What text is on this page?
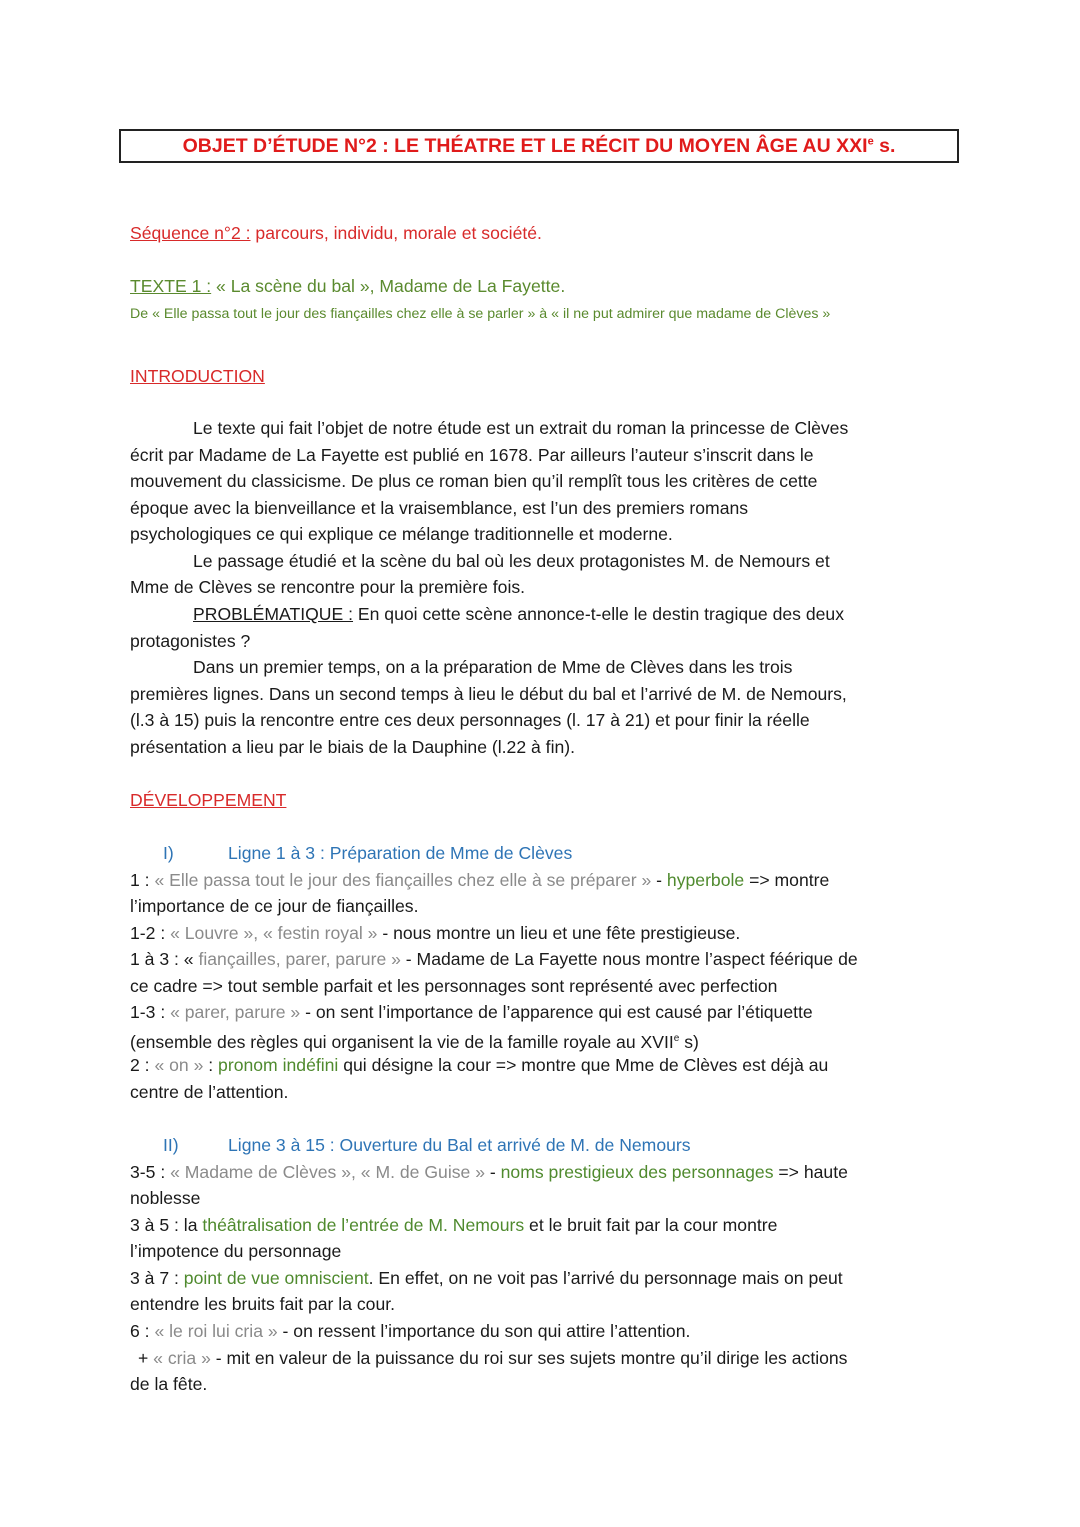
OBJET D’ÉTUDE N°2 : LE THÉATRE ET LE RÉCIT DU MOYEN ÂGE AU XXIe s.
Séquence n°2 : parcours, individu, morale et société.
TEXTE 1 : « La scène du bal », Madame de La Fayette.
De « Elle passa tout le jour des fiançailles chez elle à se parler » à « il ne put admirer que madame de Clèves »
INTRODUCTION
Le texte qui fait l’objet de notre étude est un extrait du roman la princesse de Clèves
écrit par Madame de La Fayette est publié en 1678. Par ailleurs l’auteur s’inscrit dans le
mouvement du classicisme. De plus ce roman bien qu’il remplît tous les critères de cette
époque avec la bienveillance et la vraisemblance, est l’un des premiers romans
psychologiques ce qui explique ce mélange traditionnelle et moderne.
Le passage étudié et la scène du bal où les deux protagonistes M. de Nemours et
Mme de Clèves se rencontre pour la première fois.
PROBLÉMATIQUE : En quoi cette scène annonce-t-elle le destin tragique des deux
protagonistes ?
Dans un premier temps, on a la préparation de Mme de Clèves dans les trois
premières lignes. Dans un second temps à lieu le début du bal et l’arrivé de M. de Nemours,
(l.3 à 15) puis la rencontre entre ces deux personnages (l. 17 à 21) et pour finir la réelle
présentation a lieu par le biais de la Dauphine (l.22 à fin).
DÉVELOPPEMENT
I)	Ligne 1 à 3 : Préparation de Mme de Clèves
1 : « Elle passa tout le jour des fiançailles chez elle à se préparer » - hyperbole => montre
l’importance de ce jour de fiançailles.
1-2 : « Louvre », « festin royal » - nous montre un lieu et une fête prestigieuse.
1 à 3 : « fiançailles, parer, parure » - Madame de La Fayette nous montre l’aspect féérique de
ce cadre => tout semble parfait et les personnages sont représenté avec perfection
1-3 : « parer, parure » - on sent l’importance de l’apparence qui est causé par l’étiquette
(ensemble des règles qui organisent la vie de la famille royale au XVIIe s)
2 : « on » : pronom indéfini qui désigne la cour => montre que Mme de Clèves est déjà au
centre de l’attention.
II)	Ligne 3 à 15 : Ouverture du Bal et arrivé de M. de Nemours
3-5 : « Madame de Clèves », « M. de Guise » - noms prestigieux des personnages => haute
noblesse
3 à 5 : la théâtralisation de l’entrée de M. Nemours et le bruit fait par la cour montre
l’impotence du personnage
3 à 7 : point de vue omniscient. En effet, on ne voit pas l’arrivé du personnage mais on peut
entendre les bruits fait par la cour.
6 : « le roi lui cria » - on ressent l’importance du son qui attire l’attention.
+ « cria » - mit en valeur de la puissance du roi sur ses sujets montre qu’il dirige les actions
de la fête.
